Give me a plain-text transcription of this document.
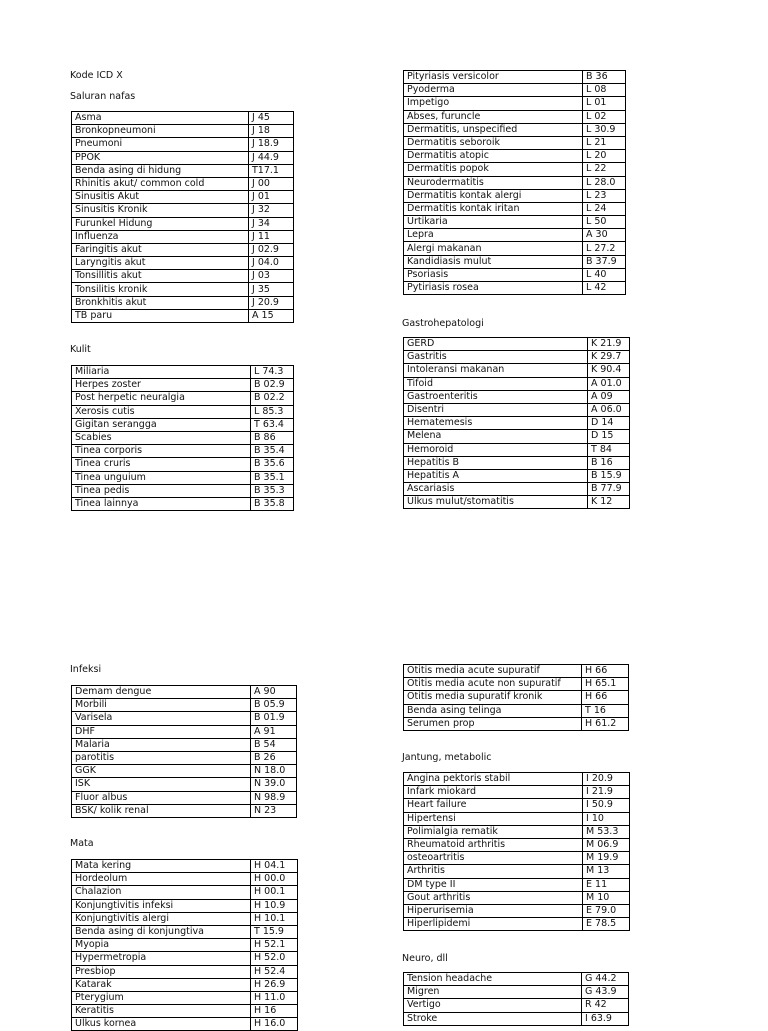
Kode ICD X
Saluran nafas
Asma	J 45
Bronkopneumoni	J 18
Pneumoni	J 18.9
PPOK	J 44.9
Benda asing di hidung	T17.1
Rhinitis akut/ common cold	J 00
Sinusitis Akut	J 01
Sinusitis Kronik	J 32
Furunkel Hidung	J 34
Influenza	J 11
Faringitis akut	J 02.9
Laryngitis akut	J 04.0
Tonsillitis akut	J 03
Tonsilitis kronik	J 35
Bronkhitis akut	J 20.9
TB paru	A 15
Kulit
Miliaria	L 74.3
Herpes zoster	B 02.9
Post herpetic neuralgia	B 02.2
Xerosis cutis	L 85.3
Gigitan serangga	T 63.4
Scabies	B 86
Tinea corporis	B 35.4
Tinea cruris	B 35.6
Tinea unguium	B 35.1
Tinea pedis	B 35.3
Tinea lainnya	B 35.8
Pityriasis versicolor	B 36
Pyoderma	L 08
Impetigo	L 01
Abses, furuncle	L 02
Dermatitis, unspecified	L 30.9
Dermatitis seboroik	L 21
Dermatitis atopic	L 20
Dermatitis popok	L 22
Neurodermatitis	L 28.0
Dermatitis kontak alergi	L 23
Dermatitis kontak iritan	L 24
Urtikaria	L 50
Lepra	A 30
Alergi makanan	L 27.2
Kandidiasis mulut	B 37.9
Psoriasis	L 40
Pytiriasis rosea	L 42
Gastrohepatologi
GERD	K 21.9
Gastritis	K 29.7
Intoleransi makanan	K 90.4
Tifoid	A 01.0
Gastroenteritis	A 09
Disentri	A 06.0
Hematemesis	D 14
Melena	D 15
Hemoroid	T 84
Hepatitis B	B 16
Hepatitis A	B 15.9
Ascariasis	B 77.9
Ulkus mulut/stomatitis	K 12
Infeksi
Demam dengue	A 90
Morbili	B 05.9
Varisela	B 01.9
DHF	A 91
Malaria	B 54
parotitis	B 26
GGK	N 18.0
ISK	N 39.0
Fluor albus	N 98.9
BSK/ kolik renal	N 23
Mata
Mata kering	H 04.1
Hordeolum	H 00.0
Chalazion	H 00.1
Konjungtivitis infeksi	H 10.9
Konjungtivitis alergi	H 10.1
Benda asing di konjungtiva	T 15.9
Myopia	H 52.1
Hypermetropia	H 52.0
Presbiop	H 52.4
Katarak	H 26.9
Pterygium	H 11.0
Keratitis	H 16
Ulkus kornea	H 16.0
Otitis media acute supuratif	H 66
Otitis media acute non supuratif	H 65.1
Otitis media supuratif kronik	H 66
Benda asing telinga	T 16
Serumen prop	H 61.2
Jantung, metabolic
Angina pektoris stabil	I 20.9
Infark miokard	I 21.9
Heart failure	I 50.9
Hipertensi	I 10
Polimialgia rematik	M 53.3
Rheumatoid arthritis	M 06.9
osteoartritis	M 19.9
Arthritis	M 13
DM type II	E 11
Gout arthritis	M 10
Hiperurisemia	E 79.0
Hiperlipidemi	E 78.5
Neuro, dll
Tension headache	G 44.2
Migren	G 43.9
Vertigo	R 42
Stroke	I 63.9
